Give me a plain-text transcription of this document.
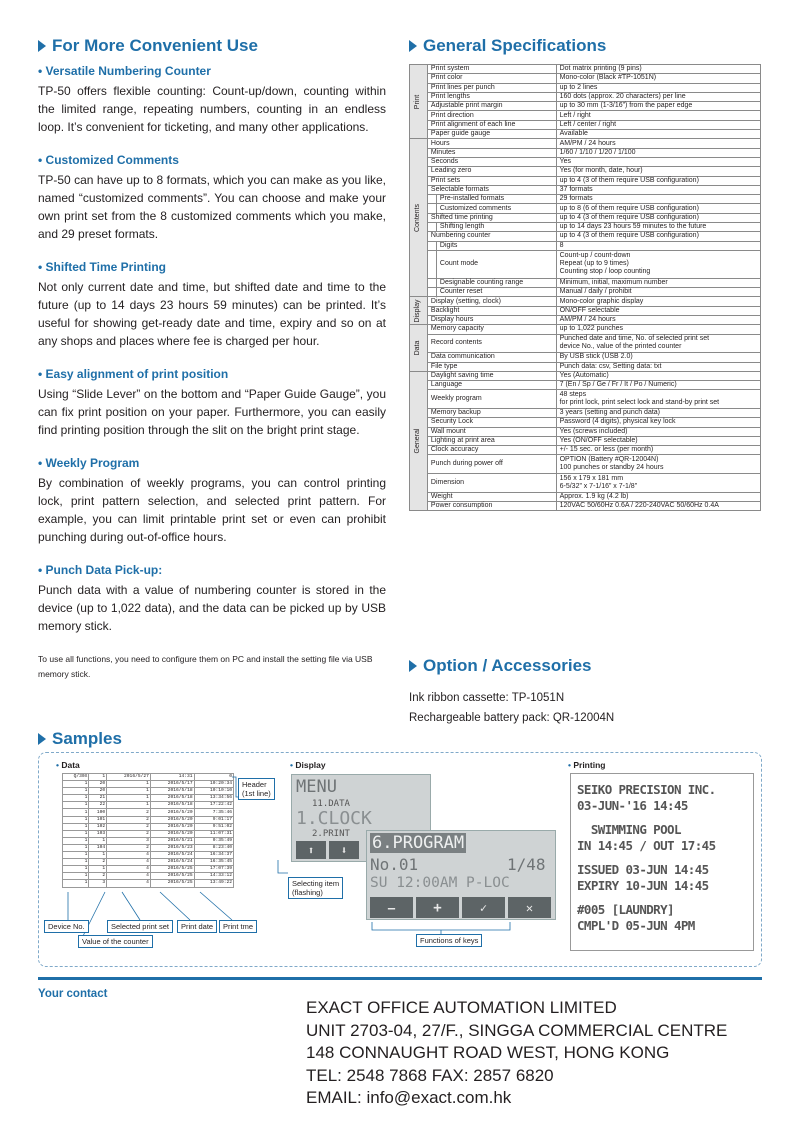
For More Convenient Use	General Specifications
Option / Accessories
Samples
• Versatile Numbering Counter
TP-50 offers flexible counting: Count-up/down, counting within the limited range, repeating numbers, counting in an endless loop. It’s convenient for ticketing, and many other applications.
• Customized Comments
TP-50 can have up to 8 formats, which you can make as you like, named “customized comments”. You can choose and make your own print set from the 8 customized comments which you make, and 29 preset formats.
• Shifted Time Printing
Not only current date and time, but shifted date and time to the future (up to 14 days 23 hours 59 minutes) can be printed. It’s useful for showing get-ready date and time, expiry and so on at any shops and places where fee is charged per hour.
• Easy alignment of print position
Using “Slide Lever” on the bottom and “Paper Guide Gauge”, you can fix print position on your paper. Furthermore, you can easily find printing position through the slit on the bright print stage.
• Weekly Program
By combination of weekly programs, you can control printing lock, print pattern selection, and selected print pattern. For example, you can limit printable print set or even can prohibit punching during out-of-office hours.
• Punch Data Pick-up:
Punch data with a value of numbering counter is stored in the device (up to 1,022 data), and the data can be picked up by USB memory stick.
To use all functions, you need to configure them on PC and install the setting file via USB memory stick.
Print	Print system		Dot matrix printing (9 pins)
	Print color		Mono-color (Black #TP-1051N)
	Print lines per punch		up to 2 lines
	Print lengths		160 dots (approx. 20 characters) per line
	Adjustable print margin		up to 30 mm (1-3/16”) from the paper edge
	Print direction		Left / right
	Print alignment of each line		Left / center / right
	Paper guide gauge		Available

Contents	Hours		AM/PM / 24 hours
	Minutes		1/60 / 1/10 / 1/20 / 1/100
	Seconds		Yes
	Leading zero		Yes (for month, date, hour)
	Print sets		up to 4 (3 of them require USB configuration)
	Selectable formats		37 formats
		Pre-installed formats	29 formats
		Customized comments	up to 8 (6 of them require USB configuration)
	Shifted time printing		up to 4 (3 of them require USB configuration)
		Shifting length	up to 14 days 23 hours 59 minutes to the future
	Numbering counter		up to 4 (3 of them require USB configuration)
		Digits	8
		Count mode	Count-up / count-down
Repeat (up to 9 times)
Counting stop / loop counting
		Designable counting range	Minimum, initial, maximum number
		Counter reset	Manual / daily / prohibit

Display	Display (setting, clock)		Mono-color graphic display
	Backlight		ON/OFF selectable
	Display hours		AM/PM / 24 hours

Data	Memory capacity		up to 1,022 punches
	Record contents		Punched date and time, No. of selected print set
device No., value of the printed counter
	Data communication		By USB stick (USB 2.0)
	File type		Punch data: csv, Setting data: txt

General	Daylight saving time		Yes (Automatic)
	Language		7 (En / Sp / Ge / Fr / It / Po / Numeric)
	Weekly program		48 steps
for print lock, print select lock and stand-by print set
	Memory backup		3 years (setting and punch data)
	Security Lock		Password (4 digits), physical key lock
	Wall mount		Yes (screws included)
	Lighting at print area		Yes (ON/OFF selectable)
	Clock accuracy		+/- 15 sec. or less (per month)
	Punch during power off		OPTION (Battery #QR-12004N)
100 punches or standby 24 hours
	Dimension		156 x 179 x 181 mm
6-5/32” x 7-1/16” x 7-1/8”
	Weight		Approx. 1.9 kg (4.2 lb)
	Power consumption		120VAC 50/60Hz 0.6A / 220-240VAC 50/60Hz 0.4A
Ink ribbon cassette: TP-1051N
Rechargeable battery pack: QR-12004N
• Data	• Display	• Printing
Q/30X	1	2016/5/27	14:31	0
1	20	1	2016/5/17	10:20:34
1	20	1	2016/5/18	10:10:10
1	21	1	2016/5/18	13:34:56
1	22	1	2016/5/18	17:22:42
1	100	2	2016/5/20	7:35:46
1	101	2	2016/5/20	9:01:17
1	102	2	2016/5/20	9:51:02
1	103	2	2016/5/20	11:07:31
1	1	3	2016/5/21	0:35:49
1	104	2	2016/5/23	8:23:40
1	1	4	2016/5/24	16:34:37
1	2	4	2016/5/24	16:35:45
1	1	4	2016/5/25	17:07:39
1	2	4	2016/5/25	14:33:12
1	3	4	2016/5/25	13:49:22
Header
(1st line)
Device No.
Value of the counter
Selected print set	Print date	Print tme
Selecting item
(flashing)
Functions of keys
MENU
11.DATA
1.CLOCK
2.PRINT
⬆	⬇	6.PROGRAM
No.01	1/48
SU 12:00AM P-LOC
—	+	✓	✕
SEIKO PRECISION INC.
03-JUN-'16 14:45
SWIMMING POOL
IN 14:45 / OUT 17:45
ISSUED 03-JUN 14:45
EXPIRY 10-JUN 14:45
#005 [LAUNDRY]
CMPL'D 05-JUN 4PM
Your contact
EXACT OFFICE AUTOMATION LIMITED
UNIT 2703-04, 27/F., SINGGA COMMERCIAL CENTRE
148 CONNAUGHT ROAD WEST, HONG KONG
TEL: 2548 7868 FAX: 2857 6820
EMAIL: info@exact.com.hk
